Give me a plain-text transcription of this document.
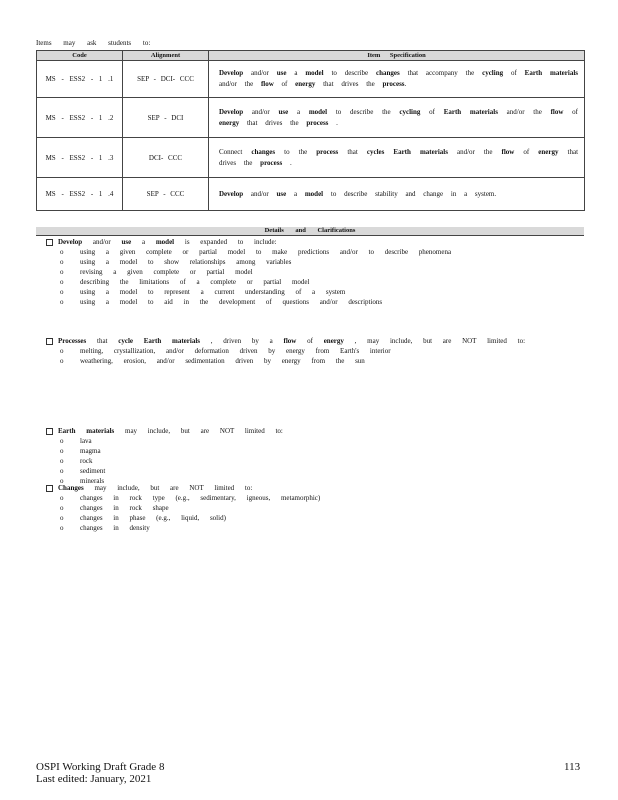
Items may ask students to:
Code	Alignment	Item Specification
MS - ESS2 - 1 .1	SEP - DCI- CCC	Develop and/or use a model to describe changes that accompany the cycling of Earth materials and/or the flow of energy that drives the process.
MS - ESS2 - 1 .2	SEP - DCI	Develop and/or use a model to describe the cycling of Earth materials and/or the flow of energy that drives the process .
MS - ESS2 - 1 .3	DCI- CCC	Connect changes to the process that cycles Earth materials and/or the flow of energy that drives the process .
MS - ESS2 - 1 .4	SEP - CCC	Develop and/or use a model to describe stability and change in a system.
Details and Clarifications
Develop and/or use a model is expanded to include:
o using a given complete or partial model to make predictions and/or to describe phenomena
o using a model to show relationships among variables
o revising a given complete or partial model
o describing the limitations of a complete or partial model
o using a model to represent a current understanding of a system
o using a model to aid in the development of questions and/or descriptions
Processes that cycle Earth materials , driven by a flow of energy , may include, but are NOT limited to:
o melting, crystallization, and/or deformation driven by energy from Earth's interior
o weathering, erosion, and/or sedimentation driven by energy from the sun
Earth materials may include, but are NOT limited to:
o lava
o magma
o rock
o sediment
o minerals
Changes may include, but are NOT limited to:
o changes in rock type (e.g., sedimentary, igneous, metamorphic)
o changes in rock shape
o changes in phase (e.g., liquid, solid)
o changes in density
OSPI Working Draft Grade 8
Last edited: January, 2021
113
